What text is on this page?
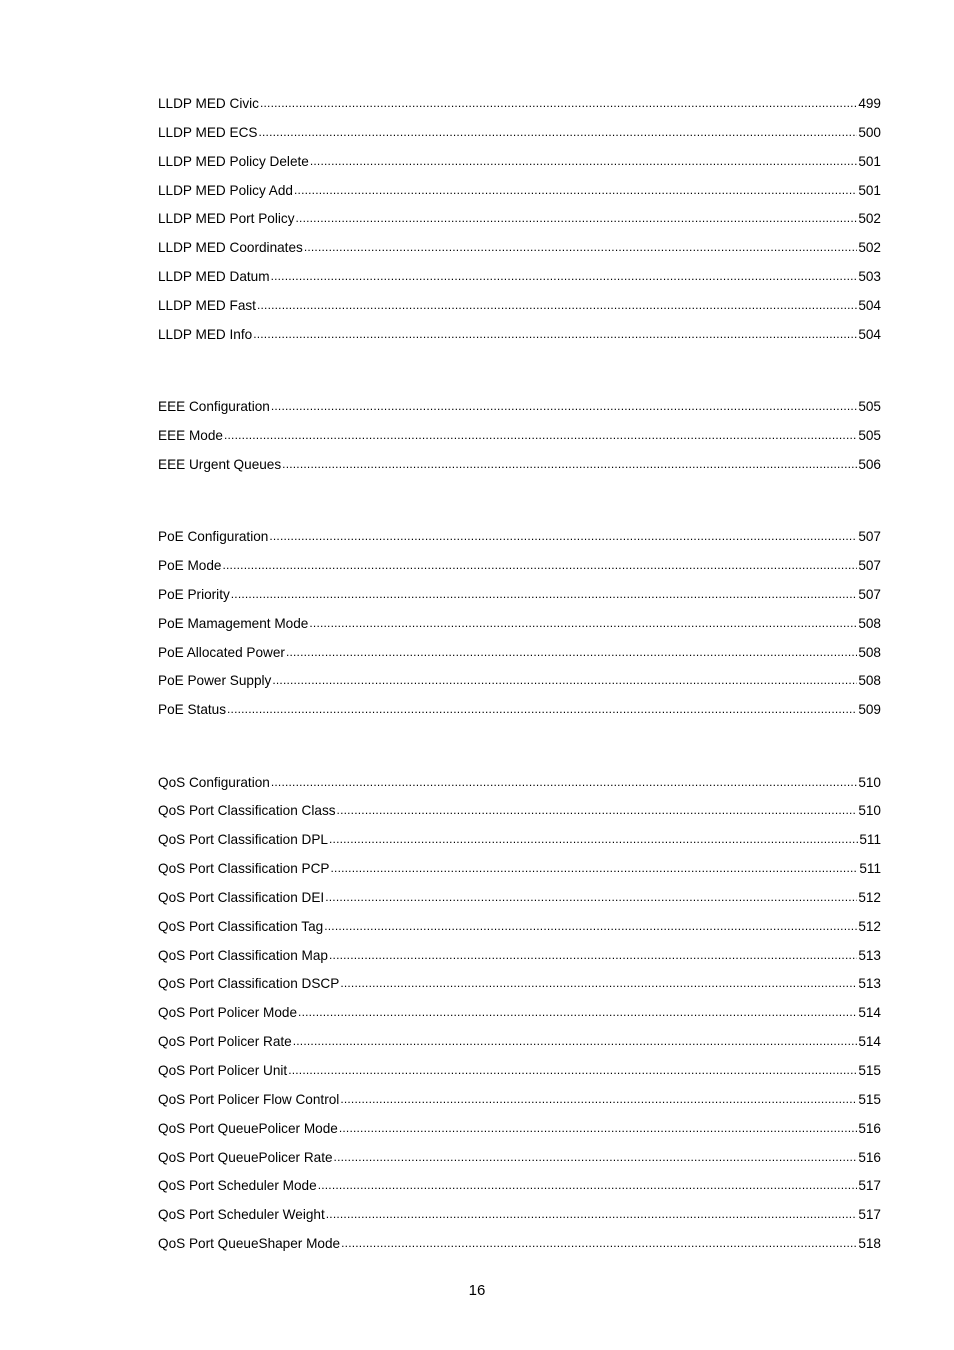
LLDP MED Civic .....	499
LLDP MED ECS .....	500
LLDP MED Policy Delete .....	501
LLDP MED Policy Add .....	501
LLDP MED Port Policy .....	502
LLDP MED Coordinates .....	502
LLDP MED Datum .....	503
LLDP MED Fast .....	504
LLDP MED Info .....	504
EEE Configuration .....	505
EEE Mode .....	505
EEE Urgent Queues .....	506
PoE Configuration .....	507
PoE Mode .....	507
PoE Priority .....	507
PoE Mamagement Mode .....	508
PoE Allocated Power .....	508
PoE Power Supply .....	508
PoE Status .....	509
QoS Configuration .....	510
QoS Port Classification Class .....	510
QoS Port Classification DPL .....	511
QoS Port Classification PCP .....	511
QoS Port Classification DEI .....	512
QoS Port Classification Tag .....	512
QoS Port Classification Map .....	513
QoS Port Classification DSCP .....	513
QoS Port Policer Mode .....	514
QoS Port Policer Rate .....	514
QoS Port Policer Unit .....	515
QoS Port Policer Flow Control .....	515
QoS Port QueuePolicer Mode .....	516
QoS Port QueuePolicer Rate .....	516
QoS Port Scheduler Mode .....	517
QoS Port Scheduler Weight .....	517
QoS Port QueueShaper Mode .....	518
16
